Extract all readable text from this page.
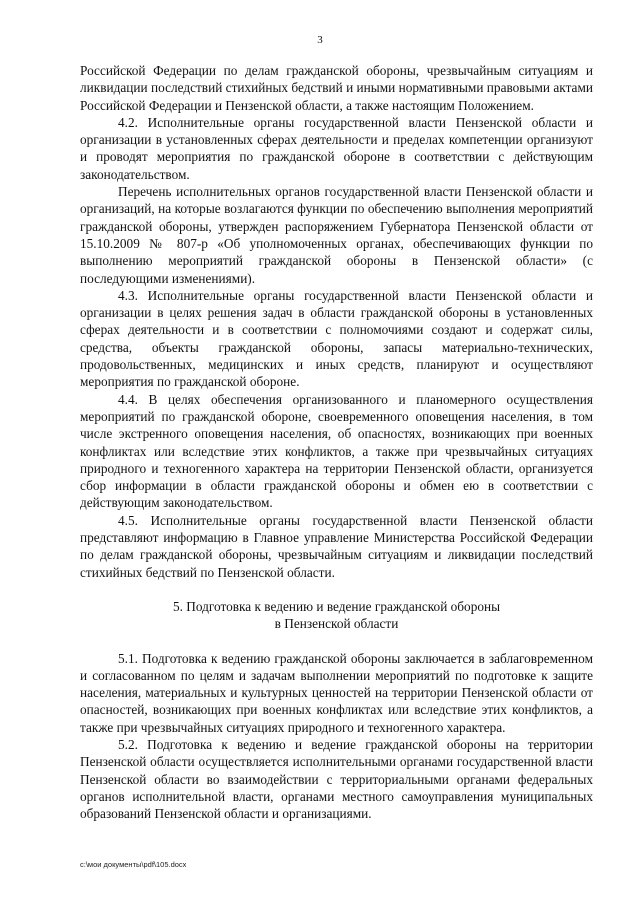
3

Российской Федерации по делам гражданской обороны, чрезвычайным ситуациям и ликвидации последствий стихийных бедствий и иными нормативными правовыми актами Российской Федерации и Пензенской области, а также настоящим Положением.

4.2. Исполнительные органы государственной власти Пензенской области и организации в установленных сферах деятельности и пределах компетенции организуют и проводят мероприятия по гражданской обороне в соответствии с действующим законодательством.

Перечень исполнительных органов государственной власти Пензенской области и организаций, на которые возлагаются функции по обеспечению выполнения мероприятий гражданской обороны, утвержден распоряжением Губернатора Пензенской области от 15.10.2009 № 807-р «Об уполномоченных органах, обеспечивающих функции по выполнению мероприятий гражданской обороны в Пензенской области» (с последующими изменениями).

4.3. Исполнительные органы государственной власти Пензенской области и организации в целях решения задач в области гражданской обороны в установленных сферах деятельности и в соответствии с полномочиями создают и содержат силы, средства, объекты гражданской обороны, запасы материально-технических, продовольственных, медицинских и иных средств, планируют и осуществляют мероприятия по гражданской обороне.

4.4. В целях обеспечения организованного и планомерного осуществления мероприятий по гражданской обороне, своевременного оповещения населения, в том числе экстренного оповещения населения, об опасностях, возникающих при военных конфликтах или вследствие этих конфликтов, а также при чрезвычайных ситуациях природного и техногенного характера на территории Пензенской области, организуется сбор информации в области гражданской обороны и обмен ею в соответствии с действующим законодательством.

4.5. Исполнительные органы государственной власти Пензенской области представляют информацию в Главное управление Министерства Российской Федерации по делам гражданской обороны, чрезвычайным ситуациям и ликвидации последствий стихийных бедствий по Пензенской области.

5. Подготовка к ведению и ведение гражданской обороны
в Пензенской области

5.1. Подготовка к ведению гражданской обороны заключается в заблаговременном и согласованном по целям и задачам выполнении мероприятий по подготовке к защите населения, материальных и культурных ценностей на территории Пензенской области от опасностей, возникающих при военных конфликтах или вследствие этих конфликтов, а также при чрезвычайных ситуациях природного и техногенного характера.

5.2. Подготовка к ведению и ведение гражданской обороны на территории Пензенской области осуществляется исполнительными органами государственной власти Пензенской области во взаимодействии с территориальными органами федеральных органов исполнительной власти, органами местного самоуправления муниципальных образований Пензенской области и организациями.

c:\мои документы\pdf\105.docx
